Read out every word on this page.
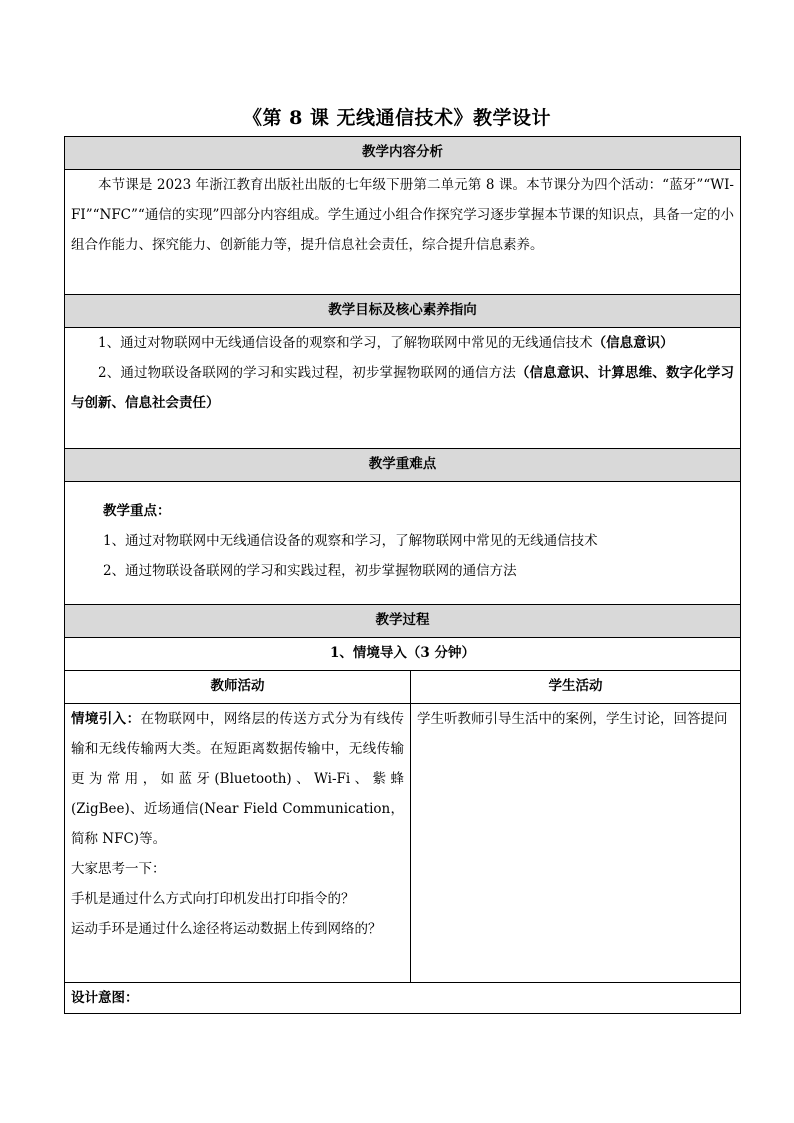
《第 8 课 无线通信技术》教学设计
教学内容分析	

本节课是 2023 年浙江教育出版社出版的七年级下册第二单元第 8 课。本节课分为四个活动：“蓝牙”“WI-FI”“NFC”“通信的实现”四部分内容组成。学生通过小组合作探究学习逐步掌握本节课的知识点，具备一定的小组合作能力、探究能力、创新能力等，提升信息社会责任，综合提升信息素养。	

教学目标及核心素养指向	

1、通过对物联网中无线通信设备的观察和学习，了解物联网中常见的无线通信技术（信息意识）

2、通过物联设备联网的学习和实践过程，初步掌握物联网的通信方法（信息意识、计算思维、数字化学习与创新、信息社会责任）	

教学重难点	

教学重点：

1、通过对物联网中无线通信设备的观察和学习，了解物联网中常见的无线通信技术

2、通过物联设备联网的学习和实践过程，初步掌握物联网的通信方法	

教学过程	
1、情境导入（3 分钟）	
教师活动	学生活动

情境引入：在物联网中，网络层的传送方式分为有线传输和无线传输两大类。在短距离数据传输中，无线传输更为常用，如蓝牙(Bluetooth)、Wi-Fi、紫蜂(ZigBee)、近场通信(Near Field Communication，简称 NFC)等。

大家思考一下：

手机是通过什么方式向打印机发出打印指令的？

运动手环是通过什么途径将运动数据上传到网络的？	学生听教师引导生活中的案例，学生讨论，回答提问

设计意图：	
